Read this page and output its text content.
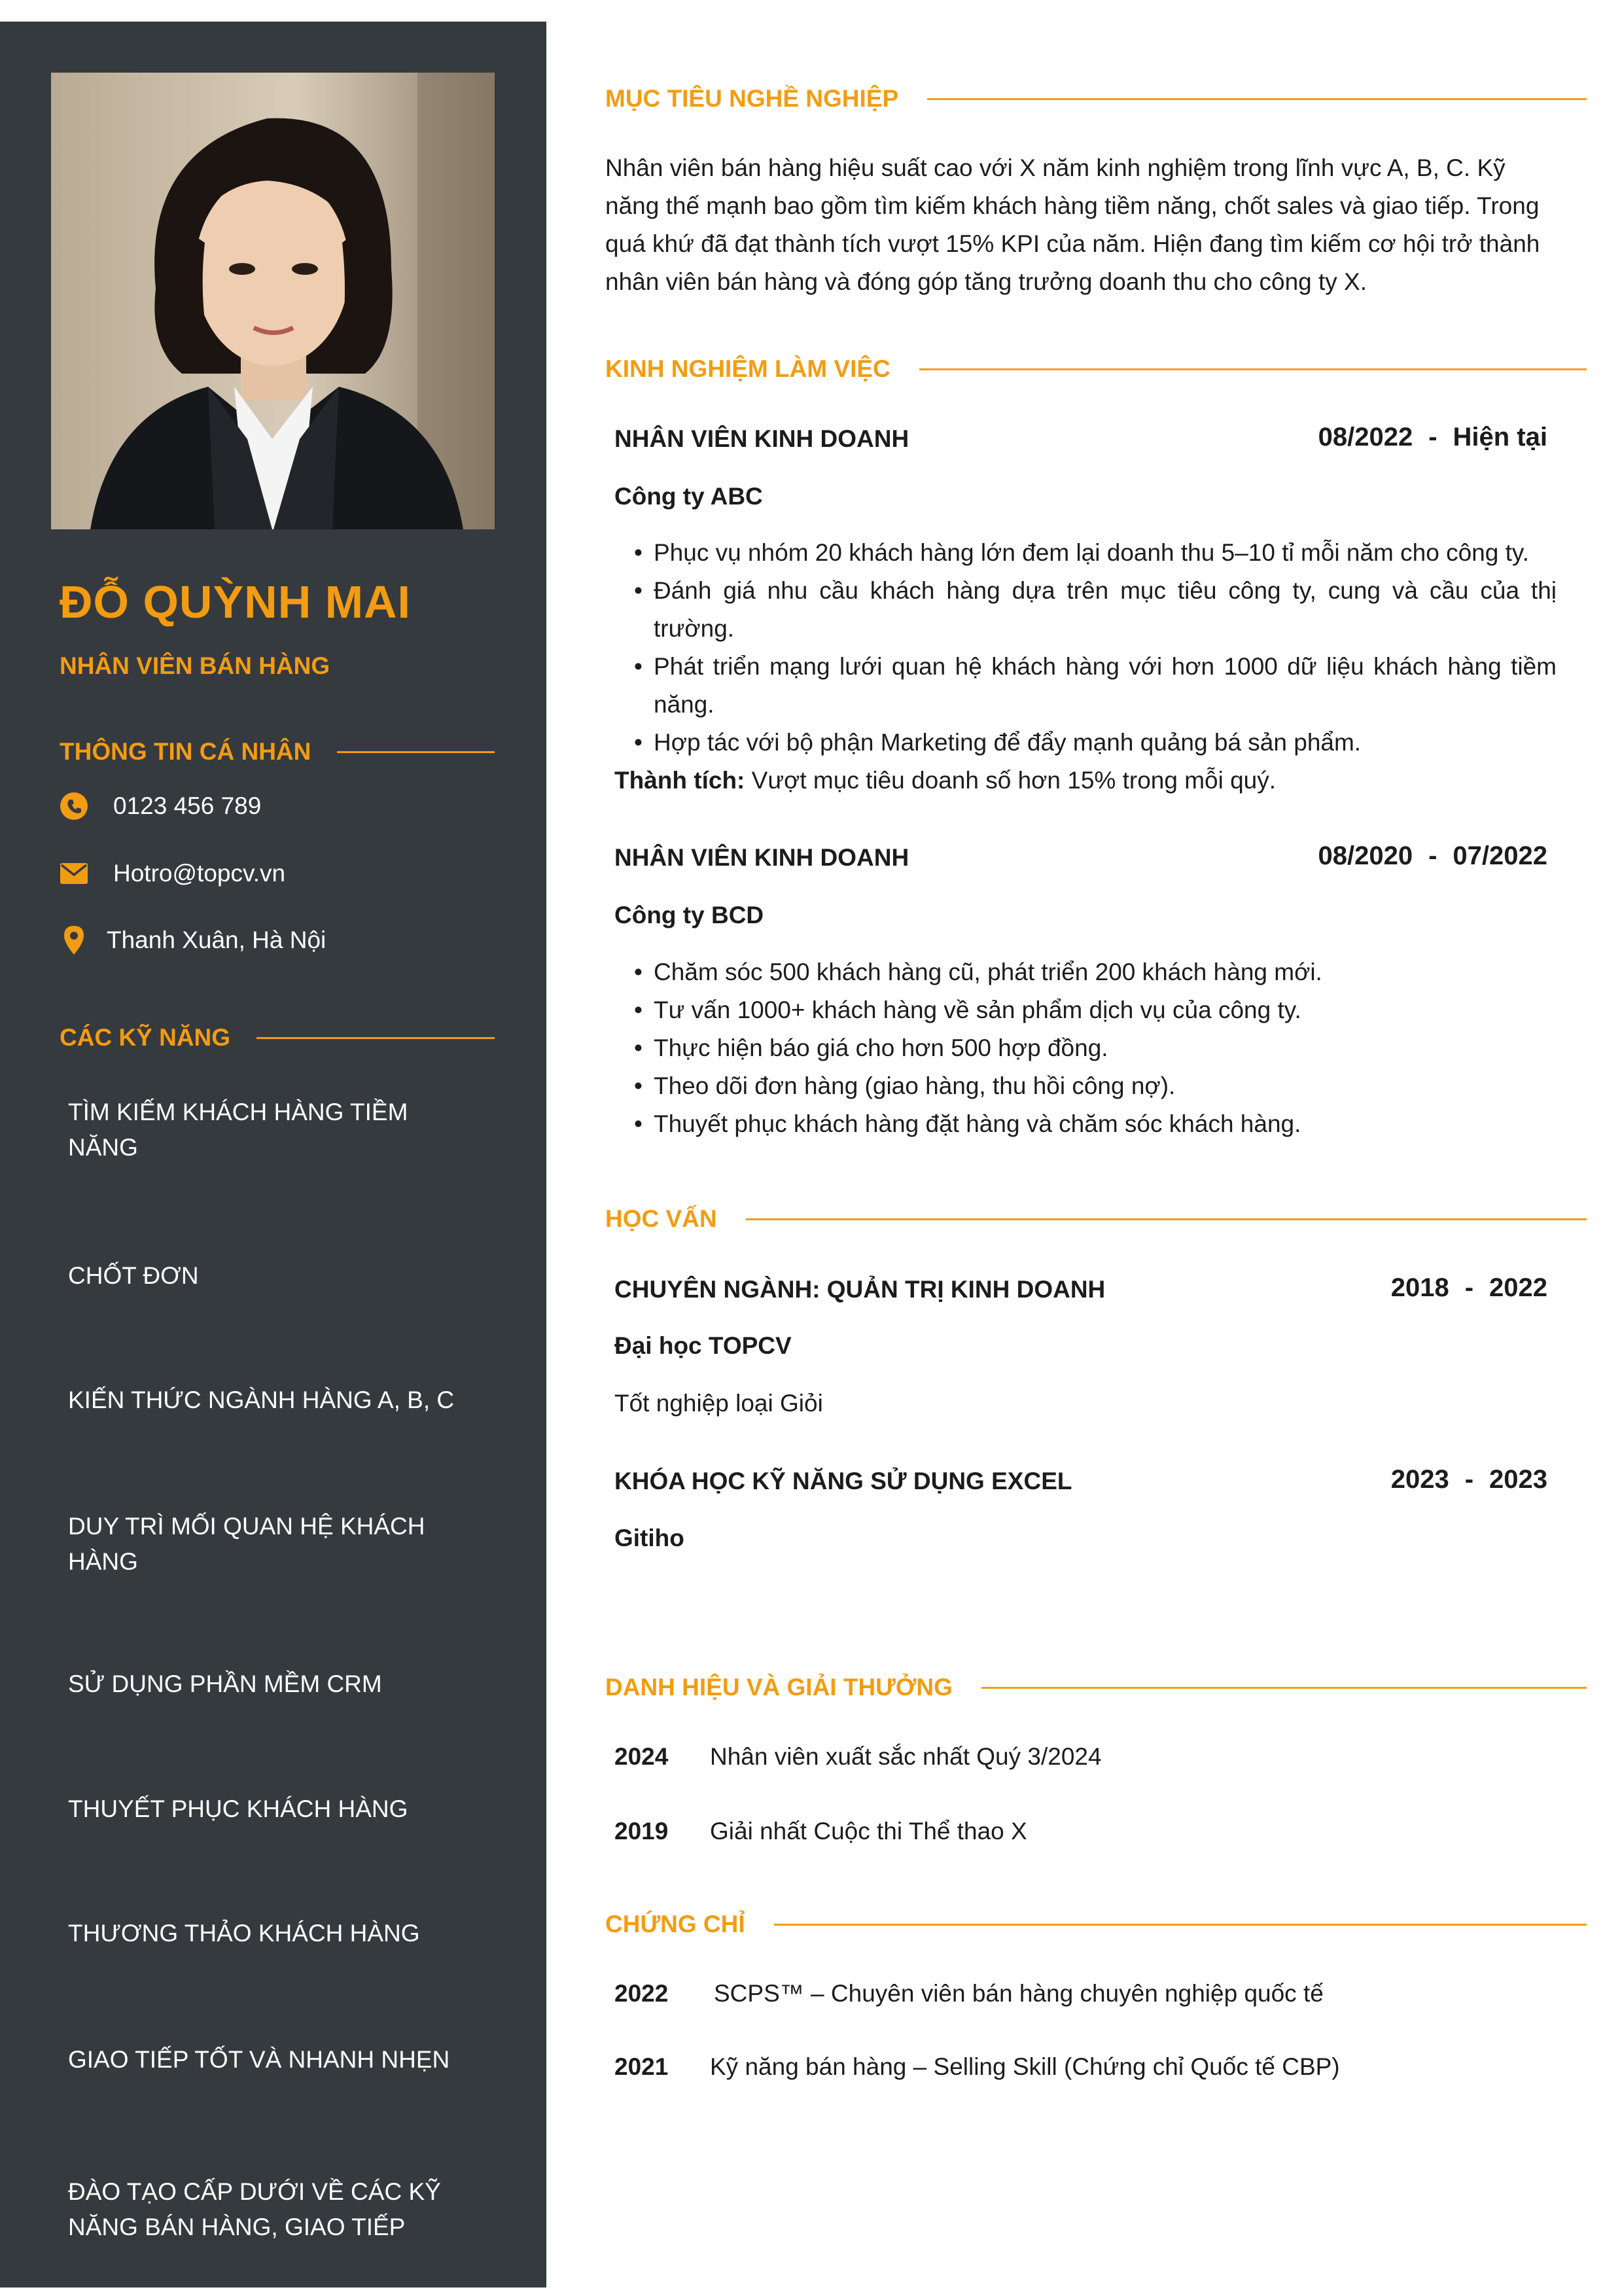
ĐỖ QUỲNH MAI
NHÂN VIÊN BÁN HÀNG
THÔNG TIN CÁ NHÂN
0123 456 789
Hotro@topcv.vn
Thanh Xuân, Hà Nội
CÁC KỸ NĂNG
TÌM KIẾM KHÁCH HÀNG TIỀM NĂNG
CHỐT ĐƠN
KIẾN THỨC NGÀNH HÀNG A, B, C
DUY TRÌ MỐI QUAN HỆ KHÁCH HÀNG
SỬ DỤNG PHẦN MỀM CRM
THUYẾT PHỤC KHÁCH HÀNG
THƯƠNG THẢO KHÁCH HÀNG
GIAO TIẾP TỐT VÀ NHANH NHẸN
ĐÀO TẠO CẤP DƯỚI VỀ CÁC KỸ NĂNG BÁN HÀNG, GIAO TIẾP
MỤC TIÊU NGHỀ NGHIỆP
Nhân viên bán hàng hiệu suất cao với X năm kinh nghiệm trong lĩnh vực A, B, C. Kỹ năng thế mạnh bao gồm tìm kiếm khách hàng tiềm năng, chốt sales và giao tiếp. Trong quá khứ đã đạt thành tích vượt 15% KPI của năm. Hiện đang tìm kiếm cơ hội trở thành nhân viên bán hàng và đóng góp tăng trưởng doanh thu cho công ty X.
KINH NGHIỆM LÀM VIỆC
NHÂN VIÊN KINH DOANH	08/2022 - Hiện tại
Công ty ABC
• Phục vụ nhóm 20 khách hàng lớn đem lại doanh thu 5–10 tỉ mỗi năm cho công ty.
• Đánh giá nhu cầu khách hàng dựa trên mục tiêu công ty, cung và cầu của thị trường.
• Phát triển mạng lưới quan hệ khách hàng với hơn 1000 dữ liệu khách hàng tiềm năng.
• Hợp tác với bộ phận Marketing để đẩy mạnh quảng bá sản phẩm.
Thành tích: Vượt mục tiêu doanh số hơn 15% trong mỗi quý.
NHÂN VIÊN KINH DOANH	08/2020 - 07/2022
Công ty BCD
• Chăm sóc 500 khách hàng cũ, phát triển 200 khách hàng mới.
• Tư vấn 1000+ khách hàng về sản phẩm dịch vụ của công ty.
• Thực hiện báo giá cho hơn 500 hợp đồng.
• Theo dõi đơn hàng (giao hàng, thu hồi công nợ).
• Thuyết phục khách hàng đặt hàng và chăm sóc khách hàng.
HỌC VẤN
CHUYÊN NGÀNH: QUẢN TRỊ KINH DOANH	2018 - 2022
Đại học TOPCV
Tốt nghiệp loại Giỏi
KHÓA HỌC KỸ NĂNG SỬ DỤNG EXCEL	2023 - 2023
Gitiho
DANH HIỆU VÀ GIẢI THƯỞNG
2024	Nhân viên xuất sắc nhất Quý 3/2024
2019	Giải nhất Cuộc thi Thể thao X
CHỨNG CHỈ
2022	SCPS™ – Chuyên viên bán hàng chuyên nghiệp quốc tế
2021	Kỹ năng bán hàng – Selling Skill (Chứng chỉ Quốc tế CBP)
